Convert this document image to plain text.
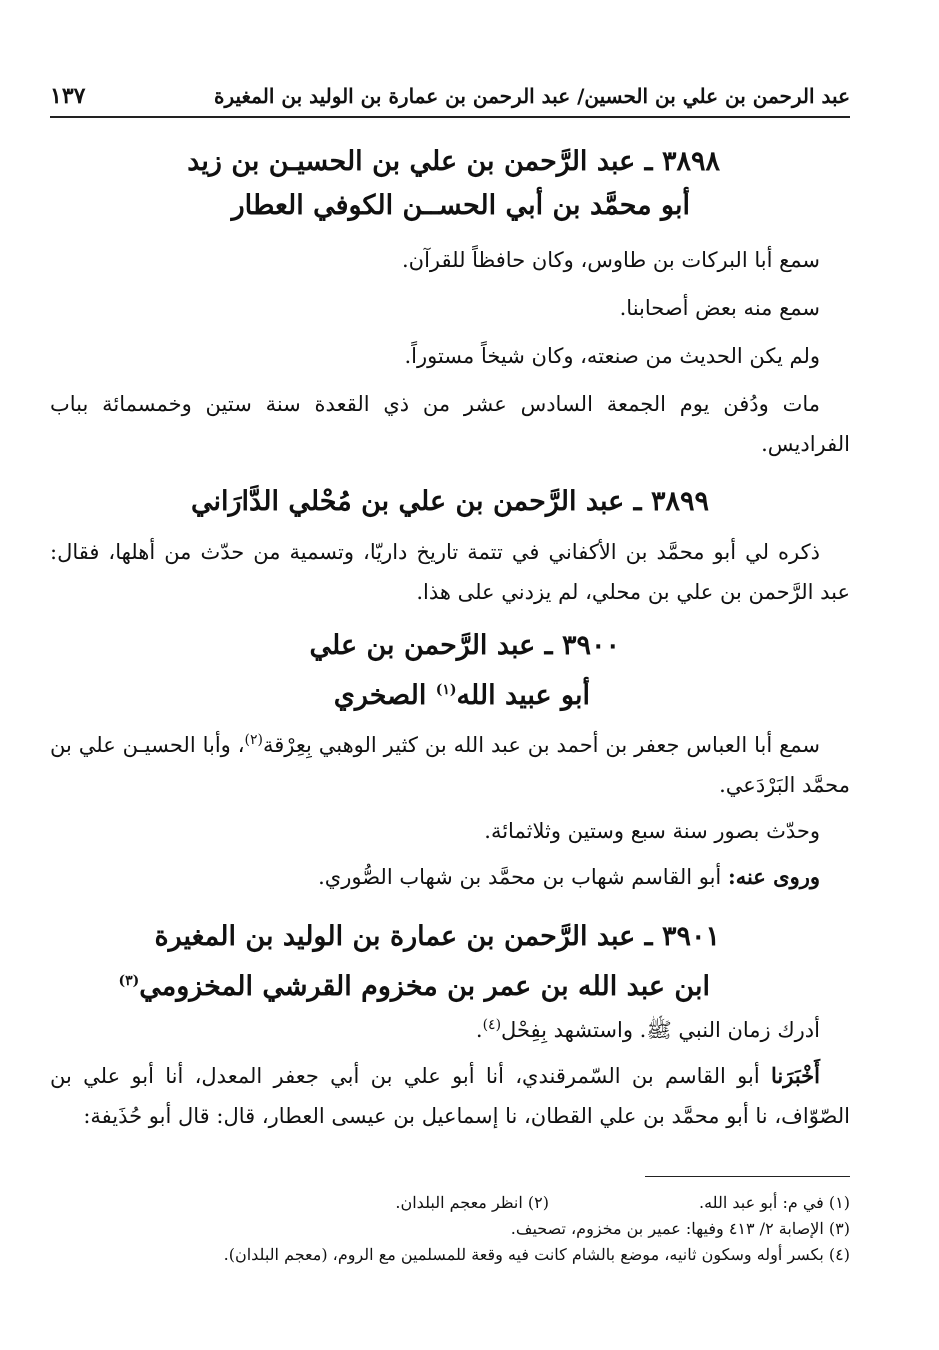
عبد الرحمن بن علي بن الحسين/ عبد الرحمن بن عمارة بن الوليد بن المغيرة
١٣٧
٣٨٩٨ ـ عبد الرَّحمن بن علي بن الحسيـن بن زيد
أبو محمَّد بن أبي الحســن الكوفي العطار

سمع أبا البركات بن طاوس، وكان حافظاً للقرآن.

سمع منه بعض أصحابنا.

ولم يكن الحديث من صنعته، وكان شيخاً مستوراً.

مات ودُفن يوم الجمعة السادس عشر من ذي القعدة سنة ستين وخمسمائة بباب الفراديس.

٣٨٩٩ ـ عبد الرَّحمن بن علي بن مُحْلي الدَّارَاني

ذكره لي أبو محمَّد بن الأكفاني في تتمة تاريخ داريّا، وتسمية من حدّث من أهلها، فقال: عبد الرَّحمن بن علي بن محلي، لم يزدني على هذا.

٣٩٠٠ ـ عبد الرَّحمن بن علي
أبو عبيد الله$^{(١)}$ الصخري

سمع أبا العباس جعفر بن أحمد بن عبد الله بن كثير الوهبي بِعِرْقة$^{(٢)}$، وأبا الحسيـن علي بن محمَّد البَرْدَعي.

وحدّث بصور سنة سبع وستين وثلاثمائة.

وروى عنه: أبو القاسم شهاب بن محمَّد بن شهاب الصُّوري.

٣٩٠١ ـ عبد الرَّحمن بن عمارة بن الوليد بن المغيرة
ابن عبد الله بن عمر بن مخزوم القرشي المخزومي$^{(٣)}$

أدرك زمان النبي ﷺ. واستشهد بِفِحْل$^{(٤)}$.

أَخْبَرَنا أبو القاسم بن السّمرقندي، أنا أبو علي بن أبي جعفر المعدل، أنا أبو علي بن الصّوّاف، نا أبو محمَّد بن علي القطان، نا إسماعيل بن عيسى العطار، قال: قال أبو حُذَيفة:

(١) في م: أبو عبد الله.
(٢) انظر معجم البلدان.
(٣) الإصابة ٢/ ٤١٣ وفيها: عمير بن مخزوم، تصحيف.
(٤) بكسر أوله وسكون ثانيه، موضع بالشام كانت فيه وقعة للمسلمين مع الروم، (معجم البلدان).
